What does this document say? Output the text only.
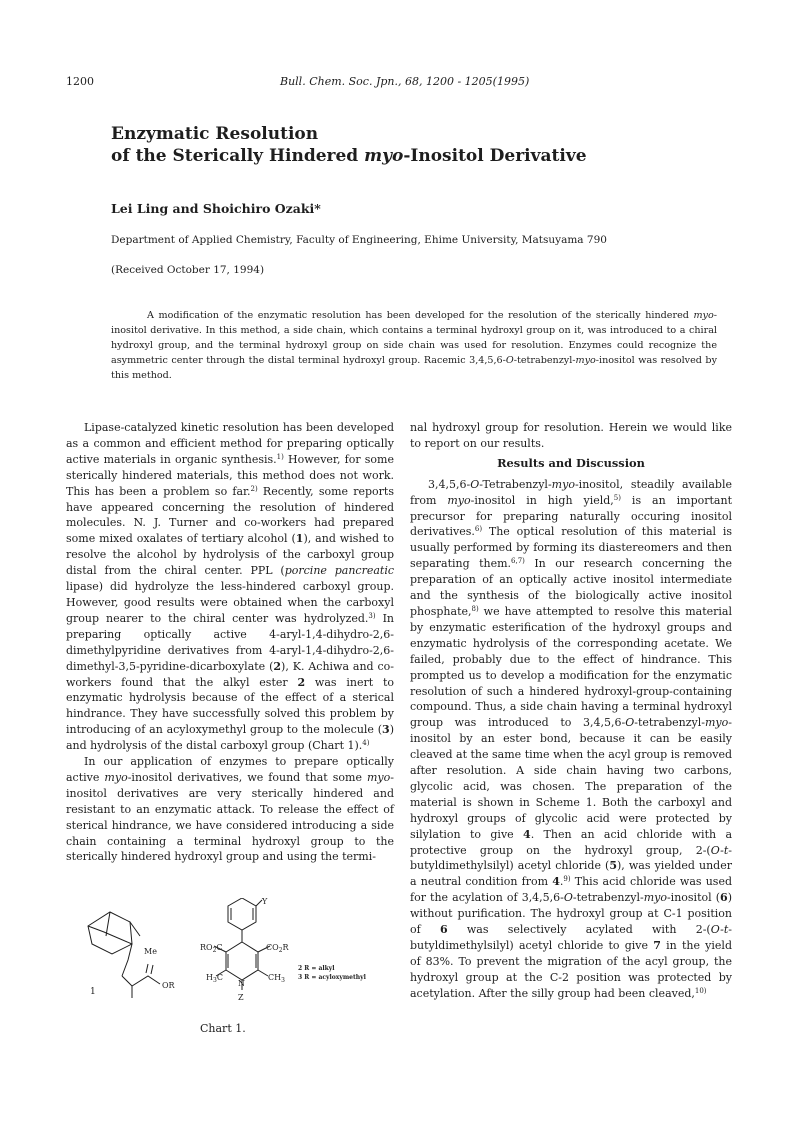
1200	Bull. Chem. Soc. Jpn., 68, 1200 - 1205(1995)
Enzymatic Resolution
of the Sterically Hindered myo-Inositol Derivative
Lei Ling and Shoichiro Ozaki*
Department of Applied Chemistry, Faculty of Engineering, Ehime University, Matsuyama 790
(Received October 17, 1994)

A modification of the enzymatic resolution has been developed for the resolution of the sterically hindered myo-inositol derivative. In this method, a side chain, which contains a terminal hydroxyl group on it, was introduced to a chiral hydroxyl group, and the terminal hydroxyl group on side chain was used for resolution. Enzymes could recognize the asymmetric center through the distal terminal hydroxyl group. Racemic 3,4,5,6-O-tetrabenzyl-myo-inositol was resolved by this method.

Lipase-catalyzed kinetic resolution has been developed as a common and efficient method for preparing optically active materials in organic synthesis.$^{1)}$ However, for some sterically hindered materials, this method does not work. This has been a problem so far.$^{2)}$ Recently, some reports have appeared concerning the resolution of hindered molecules. N. J. Turner and co-workers had prepared some mixed oxalates of tertiary alcohol (1), and wished to resolve the alcohol by hydrolysis of the carboxyl group distal from the chiral center. PPL (porcine pancreatic lipase) did hydrolyze the less-hindered carboxyl group. However, good results were obtained when the carboxyl group nearer to the chiral center was hydrolyzed.$^{3)}$ In preparing optically active 4-aryl-1,4-dihydro-2,6-dimethylpyridine derivatives from 4-aryl-1,4-dihydro-2,6-dimethyl-3,5-pyridine-dicarboxylate (2), K. Achiwa and co-workers found that the alkyl ester 2 was inert to enzymatic hydrolysis because of the effect of a sterical hindrance. They have successfully solved this problem by introducing of an acyloxymethyl group to the molecule (3) and hydrolysis of the distal carboxyl group (Chart 1).$^{4)}$

In our application of enzymes to prepare optically active myo-inositol derivatives, we found that some myo-inositol derivatives are very sterically hindered and resistant to an enzymatic attack. To release the effect of sterical hindrance, we have considered introducing a side chain containing a terminal hydroxyl group to the sterically hindered hydroxyl group and using the termi-

nal hydroxyl group for resolution. Herein we would like to report on our results.

Results and Discussion

3,4,5,6-O-Tetrabenzyl-myo-inositol, steadily available from myo-inositol in high yield,$^{5)}$ is an important precursor for preparing naturally occuring inositol derivatives.$^{6)}$ The optical resolution of this material is usually performed by forming its diastereomers and then separating them.$^{6,7)}$ In our research concerning the preparation of an optically active inositol intermediate and the synthesis of the biologically active inositol phosphate,$^{8)}$ we have attempted to resolve this material by enzymatic esterification of the hydroxyl groups and enzymatic hydrolysis of the corresponding acetate. We failed, probably due to the effect of hindrance. This prompted us to develop a modification for the enzymatic resolution of such a hindered hydroxyl-group-containing compound. Thus, a side chain having a terminal hydroxyl group was introduced to 3,4,5,6-O-tetrabenzyl-myo-inositol by an ester bond, because it can be easily cleaved at the same time when the acyl group is removed after resolution. A side chain having two carbons, glycolic acid, was chosen. The preparation of the material is shown in Scheme 1. Both the carboxyl and hydroxyl groups of glycolic acid were protected by silylation to give 4. Then an acid chloride with a protective group on the hydroxyl group, 2-(O-t-butyldimethylsilyl) acetyl chloride (5), was yielded under a neutral condition from 4.$^{9)}$ This acid chloride was used for the acylation of 3,4,5,6-O-tetrabenzyl-myo-inositol (6) without purification. The hydroxyl group at C-1 position of 6 was selectively acylated with 2-(O-t-butyldimethylsilyl) acetyl chloride to give 7 in the yield of 83%. To prevent the migration of the acyl group, the hydroxyl group at the C-2 position was protected by acetylation. After the silly group had been cleaved,$^{10)}$

Me
1
OR
Y
$RO_2C$	$CO_2R$
$H_3C$	$CH_3$
N
Z
2 R = alkyl
3 R = acyloxymethyl
Chart 1.
